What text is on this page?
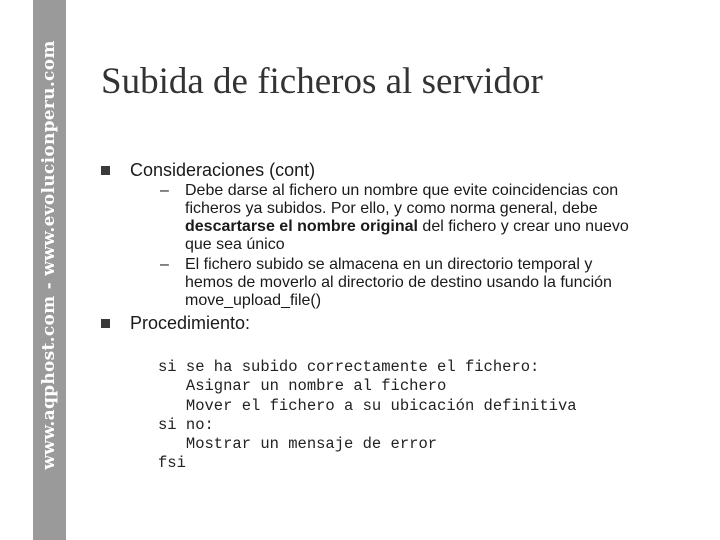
www.aqphost.com - www.evolucionperu.com Subida de ficheros al servidor
Consideraciones (cont)
– Debe darse al fichero un nombre que evite coincidencias con

ficheros ya subidos. Por ello, y como norma general, debe

descartarse el nombre original del fichero y crear uno nuevo

que sea único

– El fichero subido se almacena en un directorio temporal y

hemos de moverlo al directorio de destino usando la función

move_upload_file()

Procedimiento:
si se ha subido correctamente el fichero:
Asignar un nombre al fichero
Mover el fichero a su ubicación definitiva
si no:
Mostrar un mensaje de error
fsi
